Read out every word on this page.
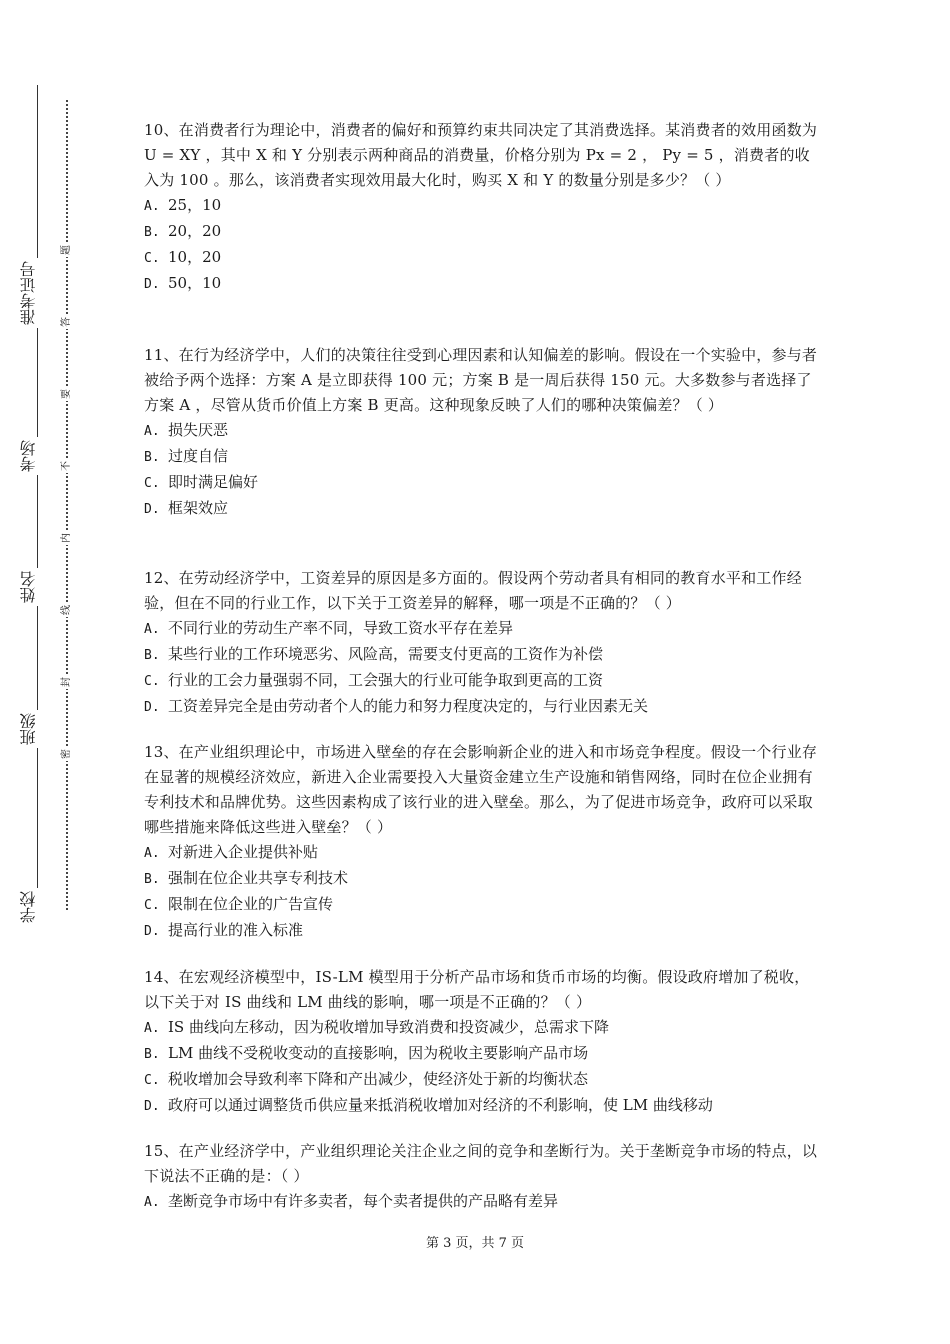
学校
班级
姓名
考场
准考证号
题
答
要
不
内
线
封
密

10、在消费者行为理论中，消费者的偏好和预算约束共同决定了其消费选择。某消费者的效用函数为 U = XY ，其中 X 和 Y 分别表示两种商品的消费量，价格分别为 Px = 2 ， Py = 5 ，消费者的收入为 100 。那么，该消费者实现效用最大化时，购买 X 和 Y 的数量分别是多少？（ ）

A. 25，10

B. 20，20

C. 10，20

D. 50，10

11、在行为经济学中，人们的决策往往受到心理因素和认知偏差的影响。假设在一个实验中，参与者被给予两个选择：方案 A 是立即获得 100 元；方案 B 是一周后获得 150 元。大多数参与者选择了方案 A ，尽管从货币价值上方案 B 更高。这种现象反映了人们的哪种决策偏差？（ ）

A. 损失厌恶

B. 过度自信

C. 即时满足偏好

D. 框架效应

12、在劳动经济学中，工资差异的原因是多方面的。假设两个劳动者具有相同的教育水平和工作经验，但在不同的行业工作，以下关于工资差异的解释，哪一项是不正确的？（ ）

A. 不同行业的劳动生产率不同，导致工资水平存在差异

B. 某些行业的工作环境恶劣、风险高，需要支付更高的工资作为补偿

C. 行业的工会力量强弱不同，工会强大的行业可能争取到更高的工资

D. 工资差异完全是由劳动者个人的能力和努力程度决定的，与行业因素无关

13、在产业组织理论中，市场进入壁垒的存在会影响新企业的进入和市场竞争程度。假设一个行业存在显著的规模经济效应，新进入企业需要投入大量资金建立生产设施和销售网络，同时在位企业拥有专利技术和品牌优势。这些因素构成了该行业的进入壁垒。那么，为了促进市场竞争，政府可以采取哪些措施来降低这些进入壁垒？（ ）

A. 对新进入企业提供补贴

B. 强制在位企业共享专利技术

C. 限制在位企业的广告宣传

D. 提高行业的准入标准

14、在宏观经济模型中，IS-LM 模型用于分析产品市场和货币市场的均衡。假设政府增加了税收，以下关于对 IS 曲线和 LM 曲线的影响，哪一项是不正确的？（ ）

A. IS 曲线向左移动，因为税收增加导致消费和投资减少，总需求下降

B. LM 曲线不受税收变动的直接影响，因为税收主要影响产品市场

C. 税收增加会导致利率下降和产出减少，使经济处于新的均衡状态

D. 政府可以通过调整货币供应量来抵消税收增加对经济的不利影响，使 LM 曲线移动

15、在产业经济学中，产业组织理论关注企业之间的竞争和垄断行为。关于垄断竞争市场的特点，以下说法不正确的是：（ ）

A. 垄断竞争市场中有许多卖者，每个卖者提供的产品略有差异

第 3 页，共 7 页
